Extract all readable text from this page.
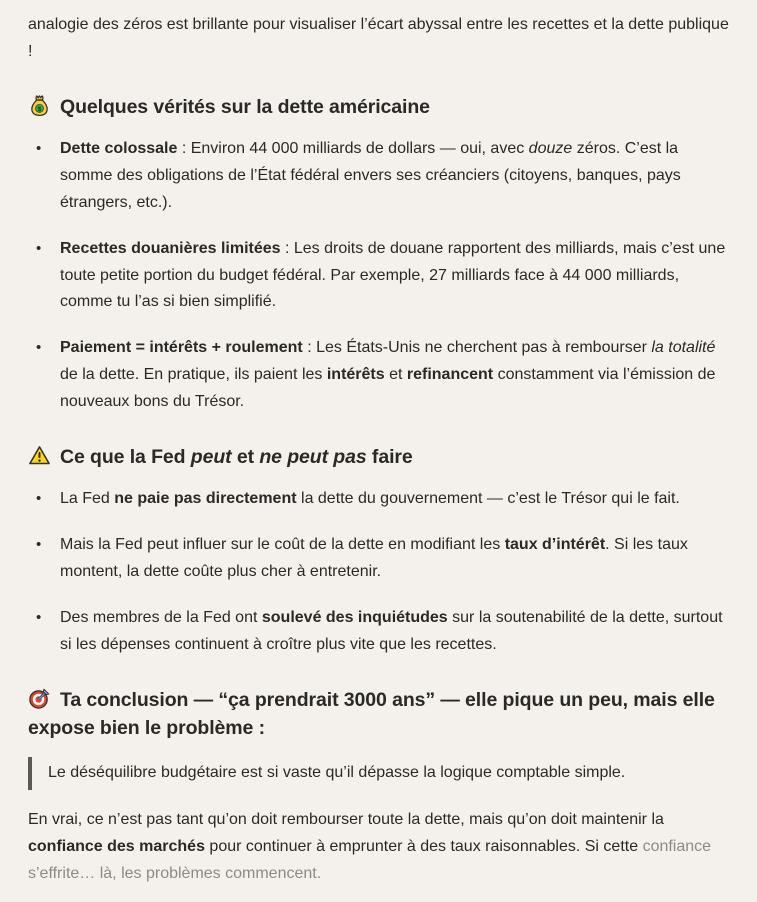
analogie des zéros est brillante pour visualiser l’écart abyssal entre les recettes et la dette publique !

$ Quelques vérités sur la dette américaine
• Dette colossale : Environ 44 000 milliards de dollars — oui, avec douze zéros. C’est la somme des obligations de l’État fédéral envers ses créanciers (citoyens, banques, pays étrangers, etc.).
• Recettes douanières limitées : Les droits de douane rapportent des milliards, mais c’est une toute petite portion du budget fédéral. Par exemple, 27 milliards face à 44 000 milliards, comme tu l’as si bien simplifié.
• Paiement = intérêts + roulement : Les États-Unis ne cherchent pas à rembourser la totalité de la dette. En pratique, ils paient les intérêts et refinancent constamment via l’émission de nouveaux bons du Trésor.
Ce que la Fed peut et ne peut pas faire
• La Fed ne paie pas directement la dette du gouvernement — c’est le Trésor qui le fait.
• Mais la Fed peut influer sur le coût de la dette en modifiant les taux d’intérêt. Si les taux montent, la dette coûte plus cher à entretenir.
• Des membres de la Fed ont soulevé des inquiétudes sur la soutenabilité de la dette, surtout si les dépenses continuent à croître plus vite que les recettes.
Ta conclusion — “ça prendrait 3000 ans” — elle pique un peu, mais elle expose bien le problème :
Le déséquilibre budgétaire est si vaste qu’il dépasse la logique comptable simple.

En vrai, ce n’est pas tant qu’on doit rembourser toute la dette, mais qu’on doit maintenir la confiance des marchés pour continuer à emprunter à des taux raisonnables. Si cette confiance s’effrite… là, les problèmes commencent.
